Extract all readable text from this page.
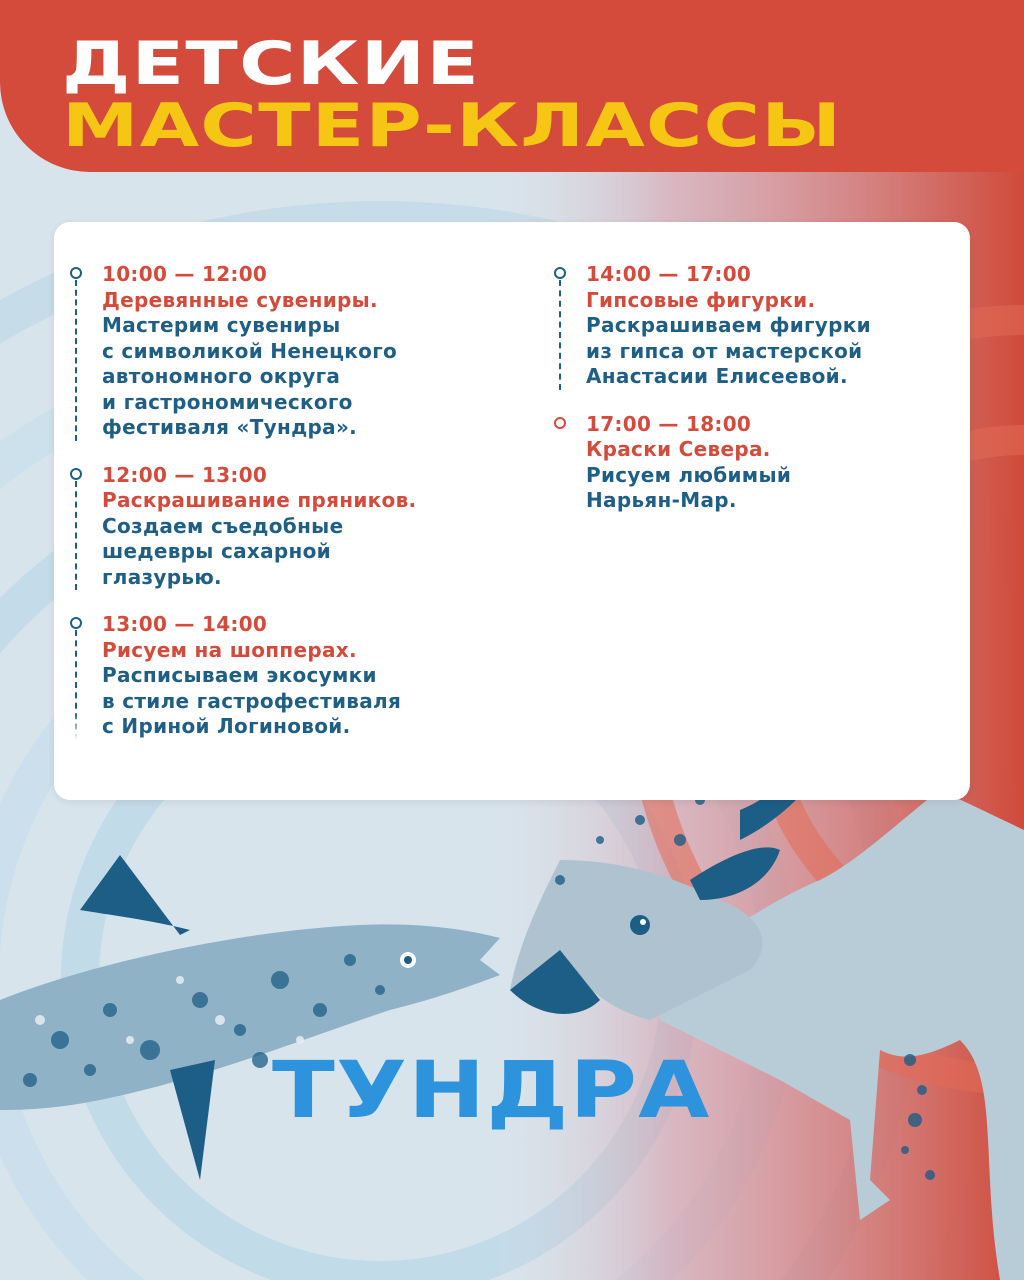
ДЕТСКИЕ
МАСТЕР-КЛАССЫ
10:00 — 12:00
Деревянные сувениры.
Мастерим сувениры
с символикой Ненецкого
автономного округа
и гастрономического
фестиваля «Тундра».
12:00 — 13:00
Раскрашивание пряников.
Создаем съедобные
шедевры сахарной
глазурью.
13:00 — 14:00
Рисуем на шопперах.
Расписываем экосумки
в стиле гастрофестиваля
с Ириной Логиновой.
14:00 — 17:00
Гипсовые фигурки.
Раскрашиваем фигурки
из гипса от мастерской
Анастасии Елисеевой.
17:00 — 18:00
Краски Севера.
Рисуем любимый
Нарьян-Мар.
ТУНДРА
